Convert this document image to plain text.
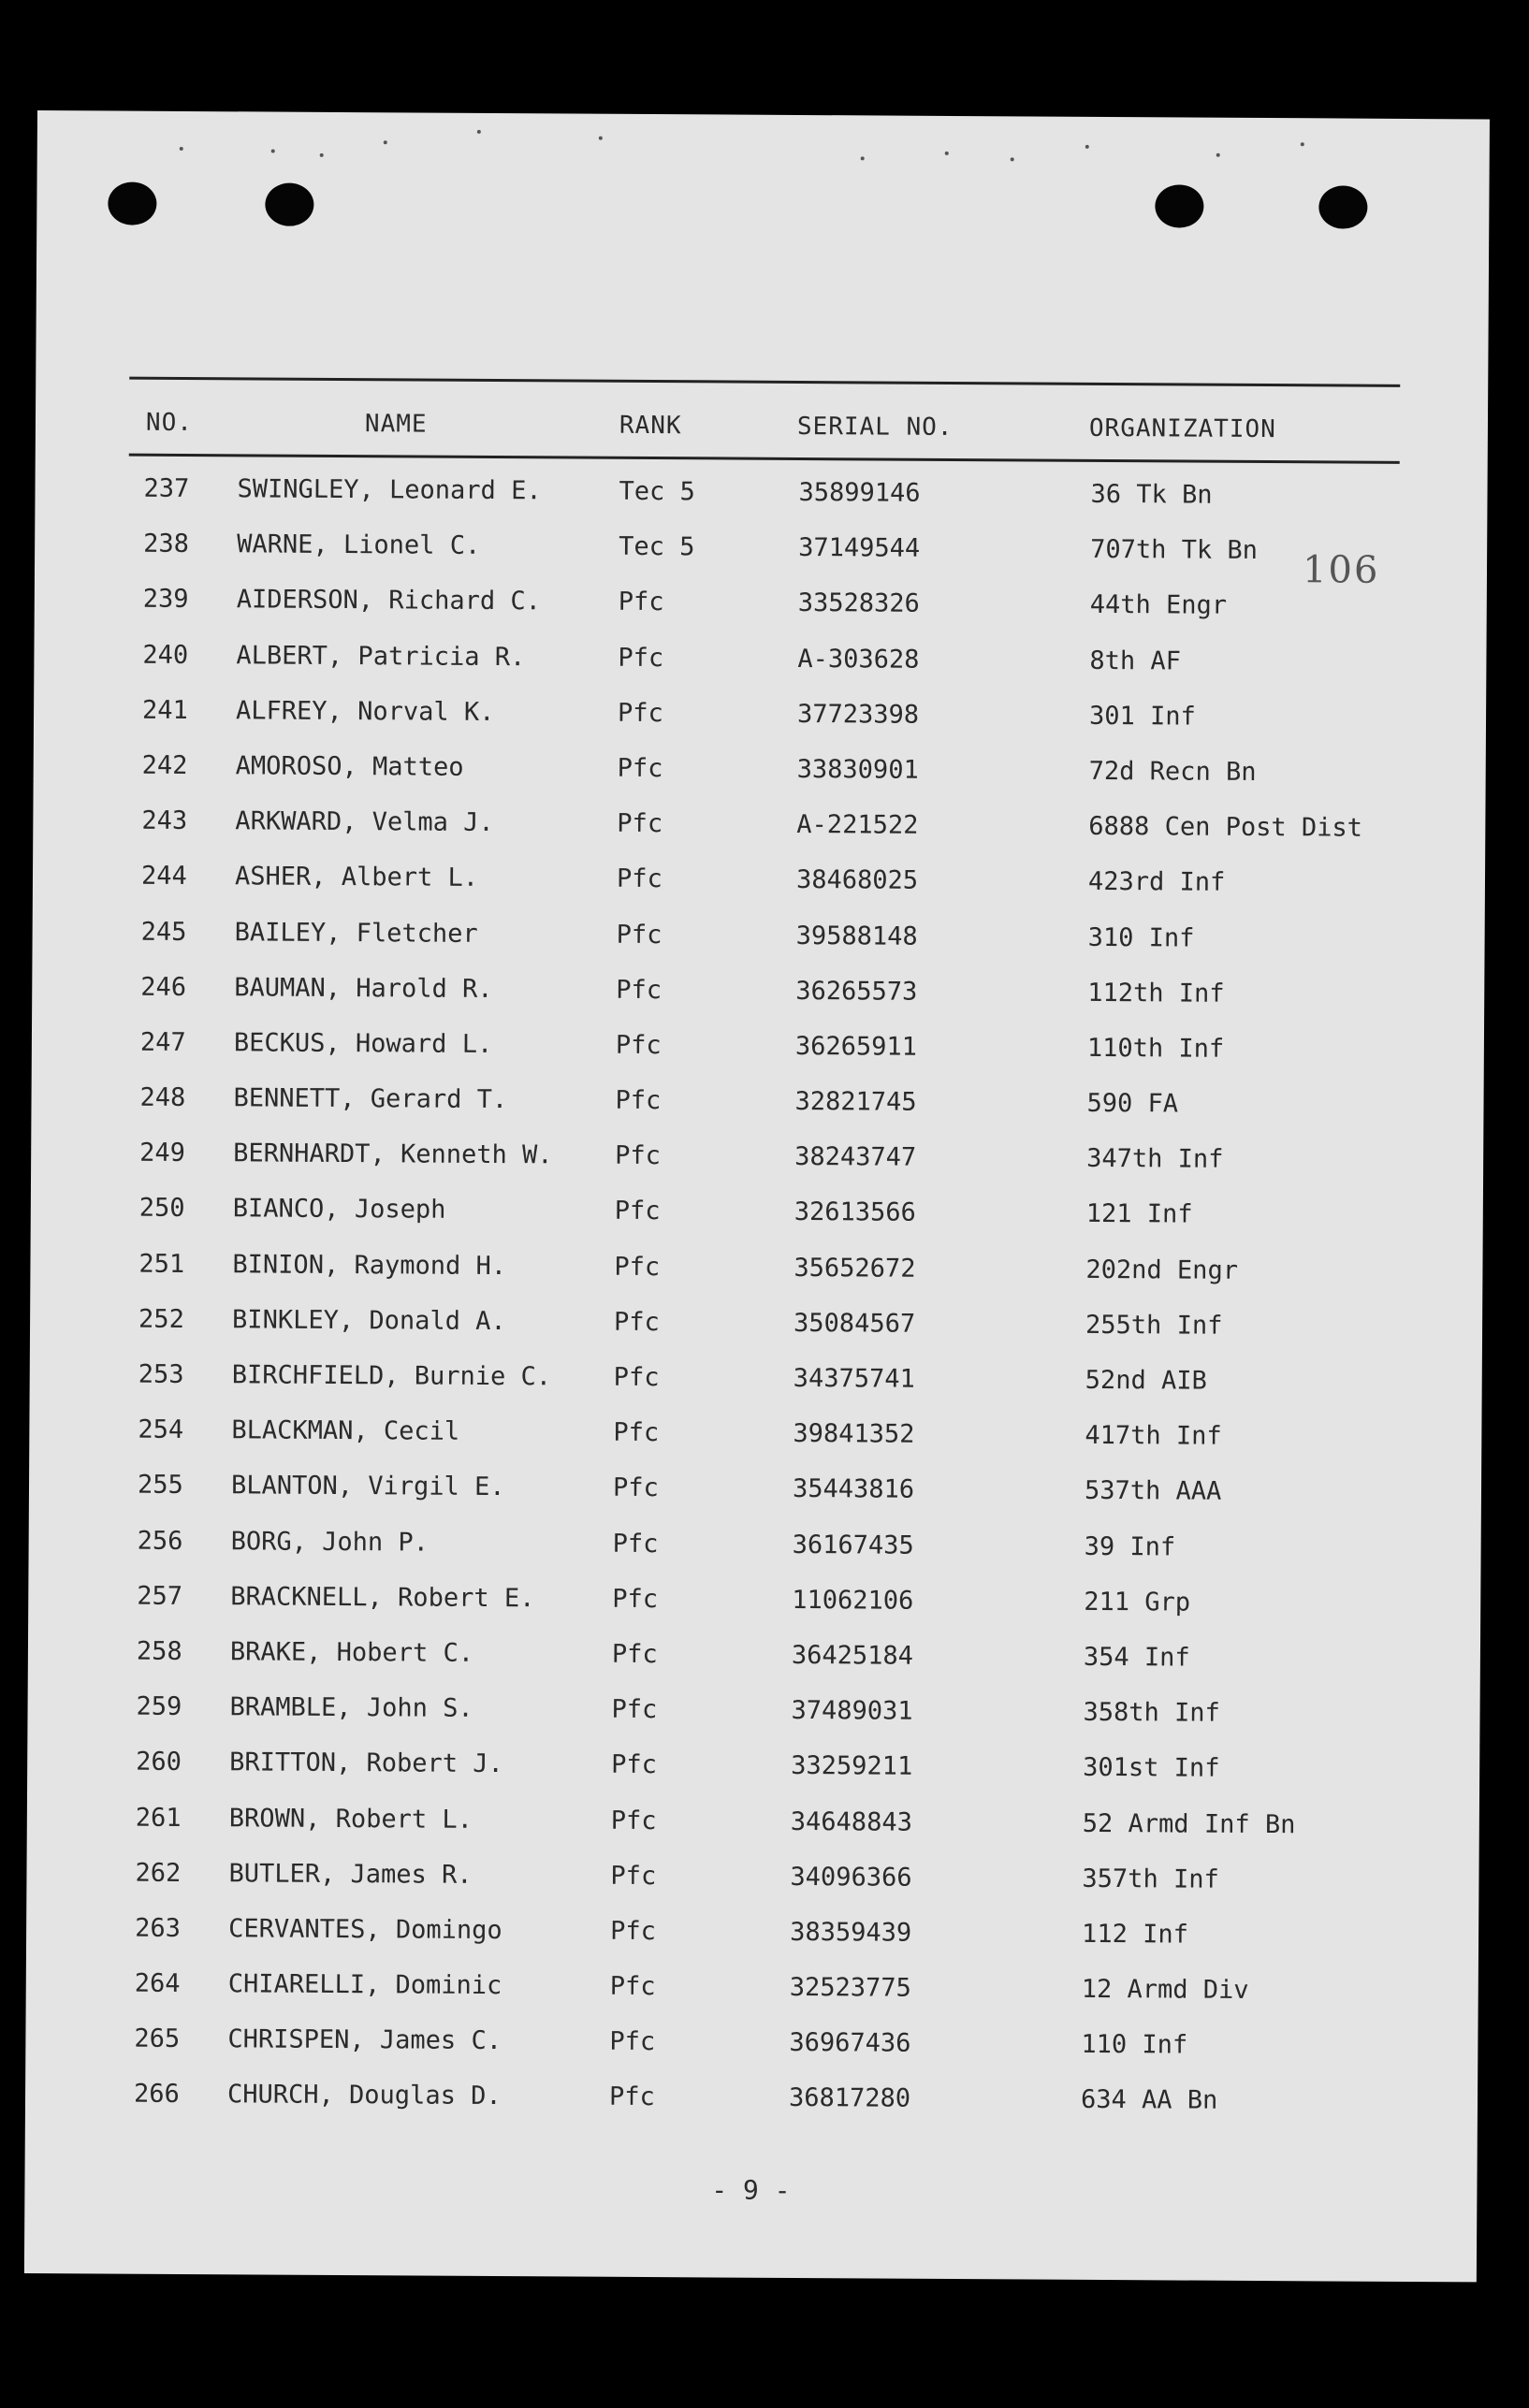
NO.	NAME	RANK	SERIAL NO.	ORGANIZATION
106
237 SWINGLEY, Leonard E.	Tec 5	35899146	36 Tk Bn
238 WARNE, Lionel C.	Tec 5	37149544	707th Tk Bn
239 AIDERSON, Richard C.	Pfc	33528326	44th Engr
240 ALBERT, Patricia R.	Pfc	A-303628	8th AF
241 ALFREY, Norval K.	Pfc	37723398	301 Inf
242 AMOROSO, Matteo	Pfc	33830901	72d Recn Bn
243 ARKWARD, Velma J.	Pfc	A-221522	6888 Cen Post Dist
244 ASHER, Albert L.	Pfc	38468025	423rd Inf
245 BAILEY, Fletcher	Pfc	39588148	310 Inf
246 BAUMAN, Harold R.	Pfc	36265573	112th Inf
247 BECKUS, Howard L.	Pfc	36265911	110th Inf
248 BENNETT, Gerard T.	Pfc	32821745	590 FA
249 BERNHARDT, Kenneth W. Pfc	38243747	347th Inf
250 BIANCO, Joseph	Pfc	32613566	121 Inf
251 BINION, Raymond H.	Pfc	35652672	202nd Engr
252 BINKLEY, Donald A.	Pfc	35084567	255th Inf
253 BIRCHFIELD, Burnie C. Pfc	34375741	52nd AIB
254 BLACKMAN, Cecil	Pfc	39841352	417th Inf
255 BLANTON, Virgil E.	Pfc	35443816	537th AAA
256 BORG, John P.	Pfc	36167435	39 Inf
257 BRACKNELL, Robert E.	Pfc	11062106	211 Grp
258 BRAKE, Hobert C.	Pfc	36425184	354 Inf
259 BRAMBLE, John S.	Pfc	37489031	358th Inf
260 BRITTON, Robert J.	Pfc	33259211	301st Inf
261 BROWN, Robert L.	Pfc	34648843	52 Armd Inf Bn
262 BUTLER, James R.	Pfc	34096366	357th Inf
263 CERVANTES, Domingo	Pfc	38359439	112 Inf
264 CHIARELLI, Dominic	Pfc	32523775	12 Armd Div
265 CHRISPEN, James C.	Pfc	36967436	110 Inf
266 CHURCH, Douglas D.	Pfc	36817280	634 AA Bn
- 9 -
